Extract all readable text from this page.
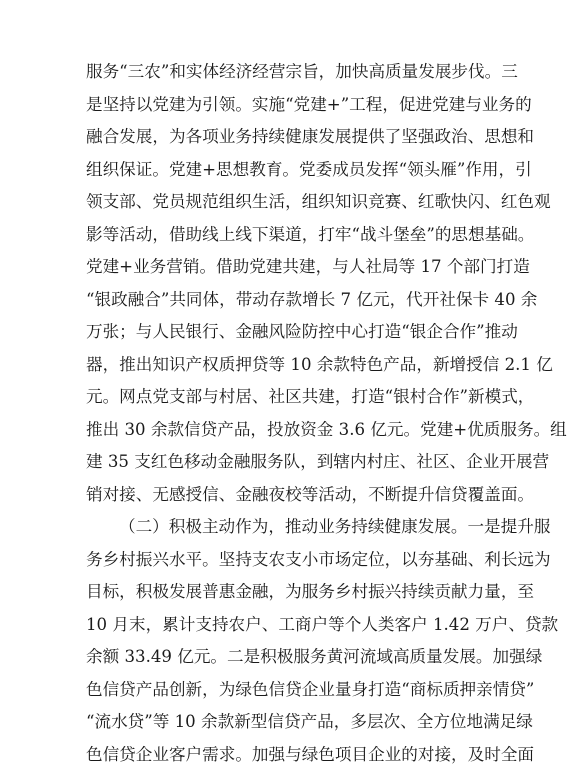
服务“三农”和实体经济经营宗旨，加快高质量发展步伐。三
是坚持以党建为引领。实施“党建+”工程，促进党建与业务的
融合发展，为各项业务持续健康发展提供了坚强政治、思想和
组织保证。党建+思想教育。党委成员发挥“领头雁”作用，引
领支部、党员规范组织生活，组织知识竞赛、红歌快闪、红色观
影等活动，借助线上线下渠道，打牢“战斗堡垒”的思想基础。
党建+业务营销。借助党建共建，与人社局等 17 个部门打造
“银政融合”共同体，带动存款增长 7 亿元，代开社保卡 40 余
万张；与人民银行、金融风险防控中心打造“银企合作”推动
器，推出知识产权质押贷等 10 余款特色产品，新增授信 2.1 亿
元。网点党支部与村居、社区共建，打造“银村合作”新模式，
推出 30 余款信贷产品，投放资金 3.6 亿元。党建+优质服务。组
建 35 支红色移动金融服务队，到辖内村庄、社区、企业开展营
销对接、无感授信、金融夜校等活动，不断提升信贷覆盖面。
（二）积极主动作为，推动业务持续健康发展。一是提升服
务乡村振兴水平。坚持支农支小市场定位，以夯基础、利长远为
目标，积极发展普惠金融，为服务乡村振兴持续贡献力量，至
10 月末，累计支持农户、工商户等个人类客户 1.42 万户、贷款
余额 33.49 亿元。二是积极服务黄河流域高质量发展。加强绿
色信贷产品创新，为绿色信贷企业量身打造“商标质押亲情贷”
“流水贷”等 10 余款新型信贷产品，多层次、全方位地满足绿
色信贷企业客户需求。加强与绿色项目企业的对接，及时全面
